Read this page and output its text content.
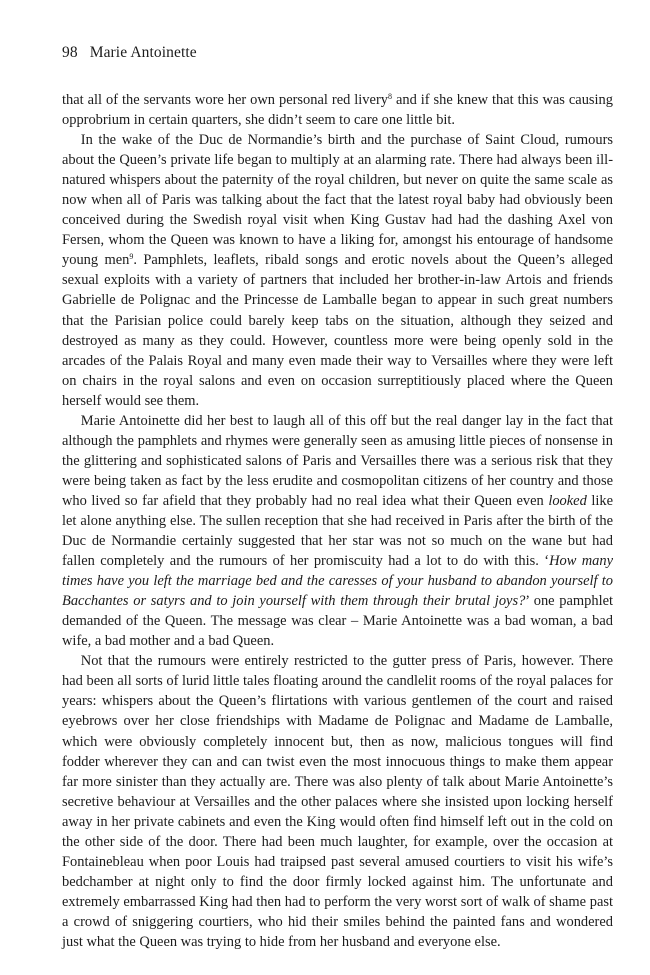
98 Marie Antoinette

that all of the servants wore her own personal red livery$^8$ and if she knew that this was causing opprobrium in certain quarters, she didn’t seem to care one little bit.

In the wake of the Duc de Normandie’s birth and the purchase of Saint Cloud, rumours about the Queen’s private life began to multiply at an alarming rate. There had always been ill-natured whispers about the paternity of the royal children, but never on quite the same scale as now when all of Paris was talking about the fact that the latest royal baby had obviously been conceived during the Swedish royal visit when King Gustav had had the dashing Axel von Fersen, whom the Queen was known to have a liking for, amongst his entourage of handsome young men$^9$. Pamphlets, leaflets, ribald songs and erotic novels about the Queen’s alleged sexual exploits with a variety of partners that included her brother-in-law Artois and friends Gabrielle de Polignac and the Princesse de Lamballe began to appear in such great numbers that the Parisian police could barely keep tabs on the situation, although they seized and destroyed as many as they could. However, countless more were being openly sold in the arcades of the Palais Royal and many even made their way to Versailles where they were left on chairs in the royal salons and even on occasion surreptitiously placed where the Queen herself would see them.

Marie Antoinette did her best to laugh all of this off but the real danger lay in the fact that although the pamphlets and rhymes were generally seen as amusing little pieces of nonsense in the glittering and sophisticated salons of Paris and Versailles there was a serious risk that they were being taken as fact by the less erudite and cosmopolitan citizens of her country and those who lived so far afield that they probably had no real idea what their Queen even looked like let alone anything else. The sullen reception that she had received in Paris after the birth of the Duc de Normandie certainly suggested that her star was not so much on the wane but had fallen completely and the rumours of her promiscuity had a lot to do with this. ‘How many times have you left the marriage bed and the caresses of your husband to abandon yourself to Bacchantes or satyrs and to join yourself with them through their brutal joys?’ one pamphlet demanded of the Queen. The message was clear – Marie Antoinette was a bad woman, a bad wife, a bad mother and a bad Queen.

Not that the rumours were entirely restricted to the gutter press of Paris, however. There had been all sorts of lurid little tales floating around the candlelit rooms of the royal palaces for years: whispers about the Queen’s flirtations with various gentlemen of the court and raised eyebrows over her close friendships with Madame de Polignac and Madame de Lamballe, which were obviously completely innocent but, then as now, malicious tongues will find fodder wherever they can and can twist even the most innocuous things to make them appear far more sinister than they actually are. There was also plenty of talk about Marie Antoinette’s secretive behaviour at Versailles and the other palaces where she insisted upon locking herself away in her private cabinets and even the King would often find himself left out in the cold on the other side of the door. There had been much laughter, for example, over the occasion at Fontainebleau when poor Louis had traipsed past several amused courtiers to visit his wife’s bedchamber at night only to find the door firmly locked against him. The unfortunate and extremely embarrassed King had then had to perform the very worst sort of walk of shame past a crowd of sniggering courtiers, who hid their smiles behind the painted fans and wondered just what the Queen was trying to hide from her husband and everyone else.
